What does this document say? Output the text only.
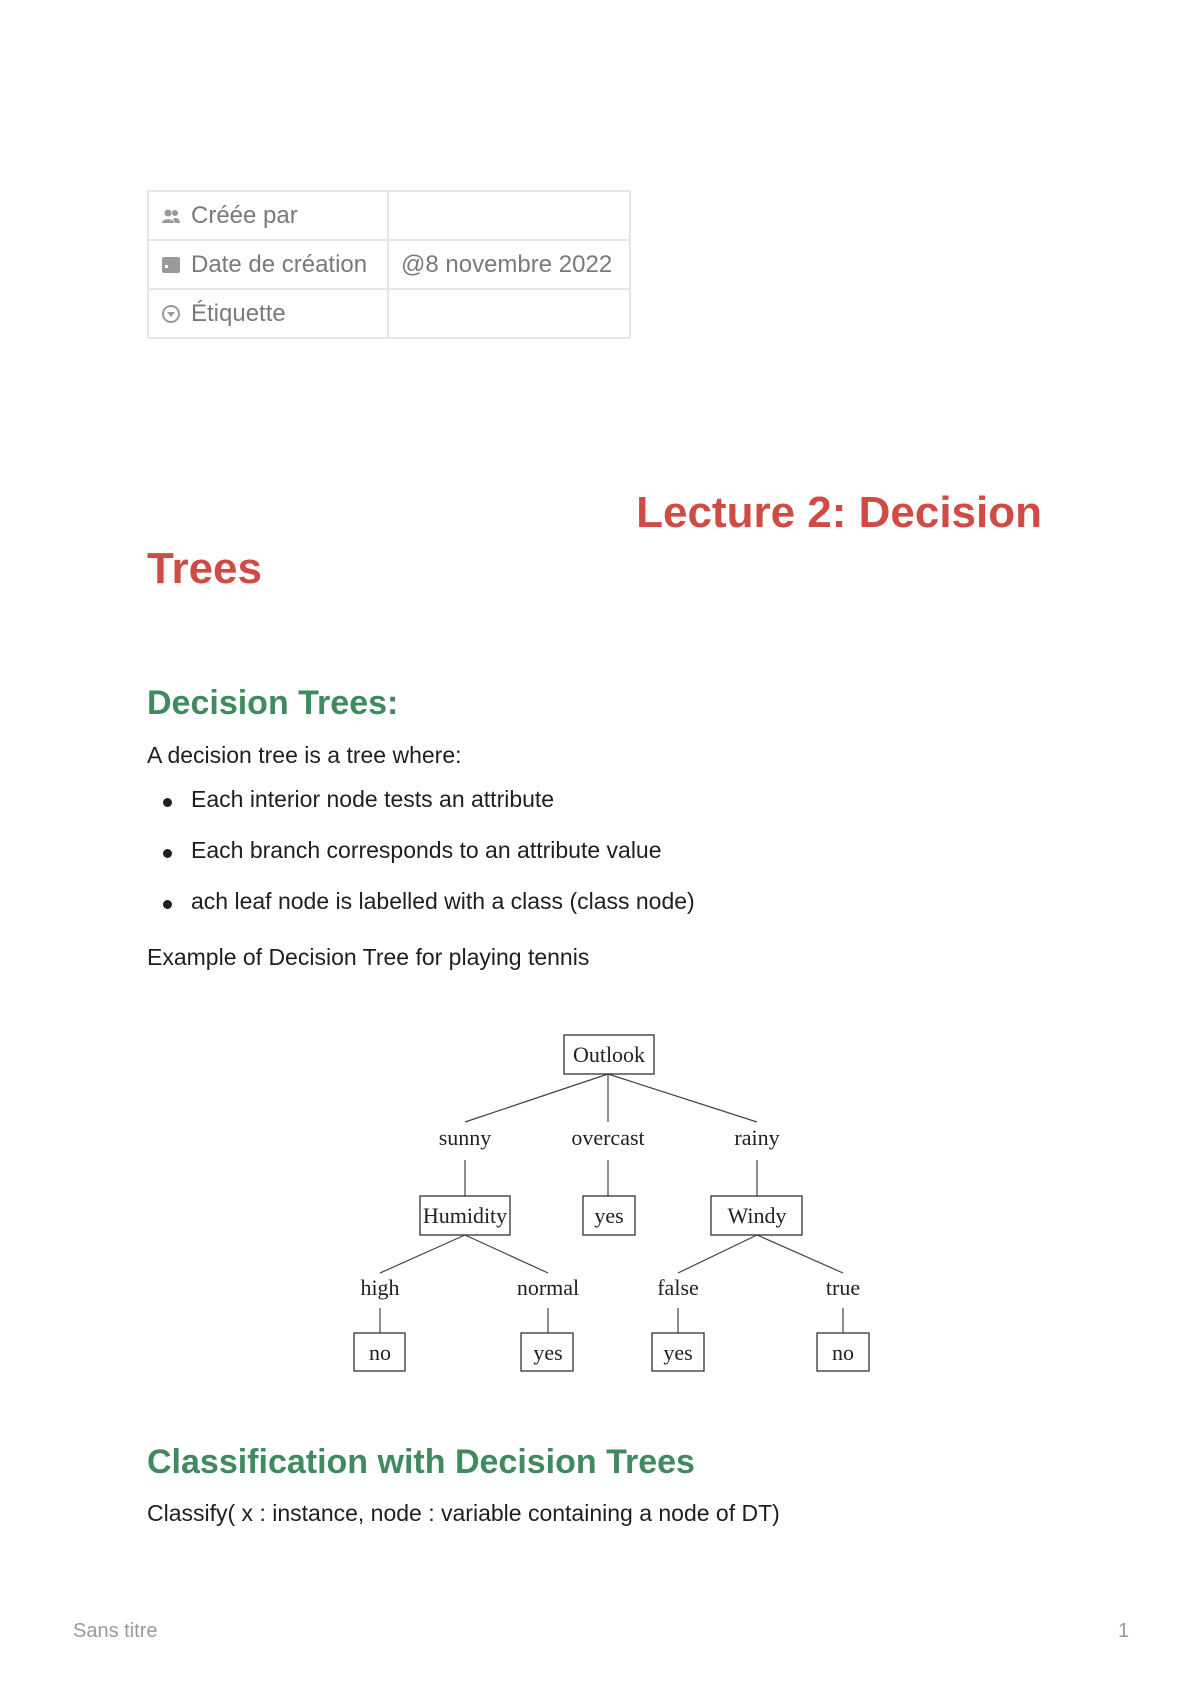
Créée par	
Date de création	@8 novembre 2022
Étiquette	
Lecture 2: Decision
Trees
Decision Trees:

A decision tree is a tree where:

Each interior node tests an attribute
Each branch corresponds to an attribute value
ach leaf node is labelled with a class (class node)

Example of Decision Tree for playing tennis

Outlook
sunny	overcast	rainy
Humidity	yes	Windy
high	normal	false	true
no	yes	yes	no
Classification with Decision Trees

Classify( x : instance, node : variable containing a node of DT)

Sans titre	1
